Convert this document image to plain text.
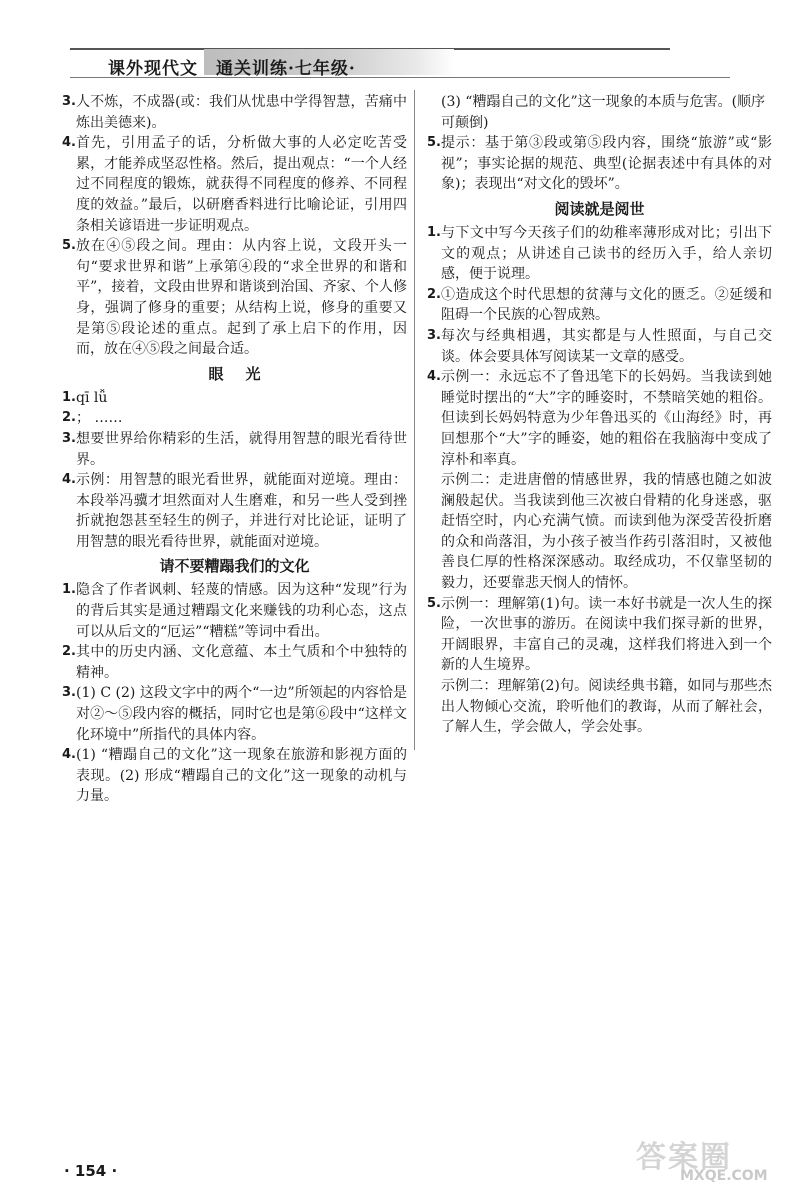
课外现代文 通关训练·七年级·
3. 人不炼，不成器(或：我们从忧患中学得智慧，苦痛中炼出美德来)。
4. 首先，引用孟子的话，分析做大事的人必定吃苦受累，才能养成坚忍性格。然后，提出观点：“一个人经过不同程度的锻炼，就获得不同程度的修养、不同程度的效益。”最后，以研磨香料进行比喻论证，引用四条相关谚语进一步证明观点。
5. 放在④⑤段之间。理由：从内容上说，文段开头一句“要求世界和谐”上承第④段的“求全世界的和谐和平”，接着，文段由世界和谐谈到治国、齐家、个人修身，强调了修身的重要；从结构上说，修身的重要又是第⑤段论述的重点。起到了承上启下的作用，因而，放在④⑤段之间最合适。
眼光
1. qī lǚ
2. ； ……
3. 想要世界给你精彩的生活，就得用智慧的眼光看待世界。
4. 示例：用智慧的眼光看世界，就能面对逆境。理由：本段举冯骥才坦然面对人生磨难，和另一些人受到挫折就抱怨甚至轻生的例子，并进行对比论证，证明了用智慧的眼光看待世界，就能面对逆境。
请不要糟蹋我们的文化
1. 隐含了作者讽刺、轻蔑的情感。因为这种“发现”行为的背后其实是通过糟蹋文化来赚钱的功利心态，这点可以从后文的“厄运”“糟糕”等词中看出。
2. 其中的历史内涵、文化意蕴、本土气质和个中独特的精神。
3. (1) C (2) 这段文字中的两个“一边”所领起的内容恰是对②～⑤段内容的概括，同时它也是第⑥段中“这样文化环境中”所指代的具体内容。
4. (1) “糟蹋自己的文化”这一现象在旅游和影视方面的表现。(2) 形成“糟蹋自己的文化”这一现象的动机与力量。
(3) “糟蹋自己的文化”这一现象的本质与危害。(顺序可颠倒)
5. 提示：基于第③段或第⑤段内容，围绕“旅游”或“影视”；事实论据的规范、典型(论据表述中有具体的对象)；表现出“对文化的毁坏”。
阅读就是阅世
1. 与下文中写今天孩子们的幼稚率薄形成对比；引出下文的观点；从讲述自己读书的经历入手，给人亲切感，便于说理。
2. ①造成这个时代思想的贫薄与文化的匮乏。②延缓和阻碍一个民族的心智成熟。
3. 每次与经典相遇，其实都是与人性照面，与自己交谈。体会要具体写阅读某一文章的感受。
4. 示例一：永远忘不了鲁迅笔下的长妈妈。当我读到她睡觉时摆出的“大”字的睡姿时，不禁暗笑她的粗俗。但读到长妈妈特意为少年鲁迅买的《山海经》时，再回想那个“大”字的睡姿，她的粗俗在我脑海中变成了淳朴和率真。
示例二：走进唐僧的情感世界，我的情感也随之如波澜般起伏。当我读到他三次被白骨精的化身迷惑，驱赶悟空时，内心充满气愤。而读到他为深受苦役折磨的众和尚落泪，为小孩子被当作药引落泪时，又被他善良仁厚的性格深深感动。取经成功，不仅靠坚韧的毅力，还要靠悲天悯人的情怀。
5. 示例一：理解第(1)句。读一本好书就是一次人生的探险，一次世事的游历。在阅读中我们探寻新的世界，开阔眼界，丰富自己的灵魂，这样我们将进入到一个新的人生境界。
示例二：理解第(2)句。阅读经典书籍，如同与那些杰出人物倾心交流，聆听他们的教诲，从而了解社会，了解人生，学会做人，学会处事。
· 154 ·	答案圈
MXQE.COM
